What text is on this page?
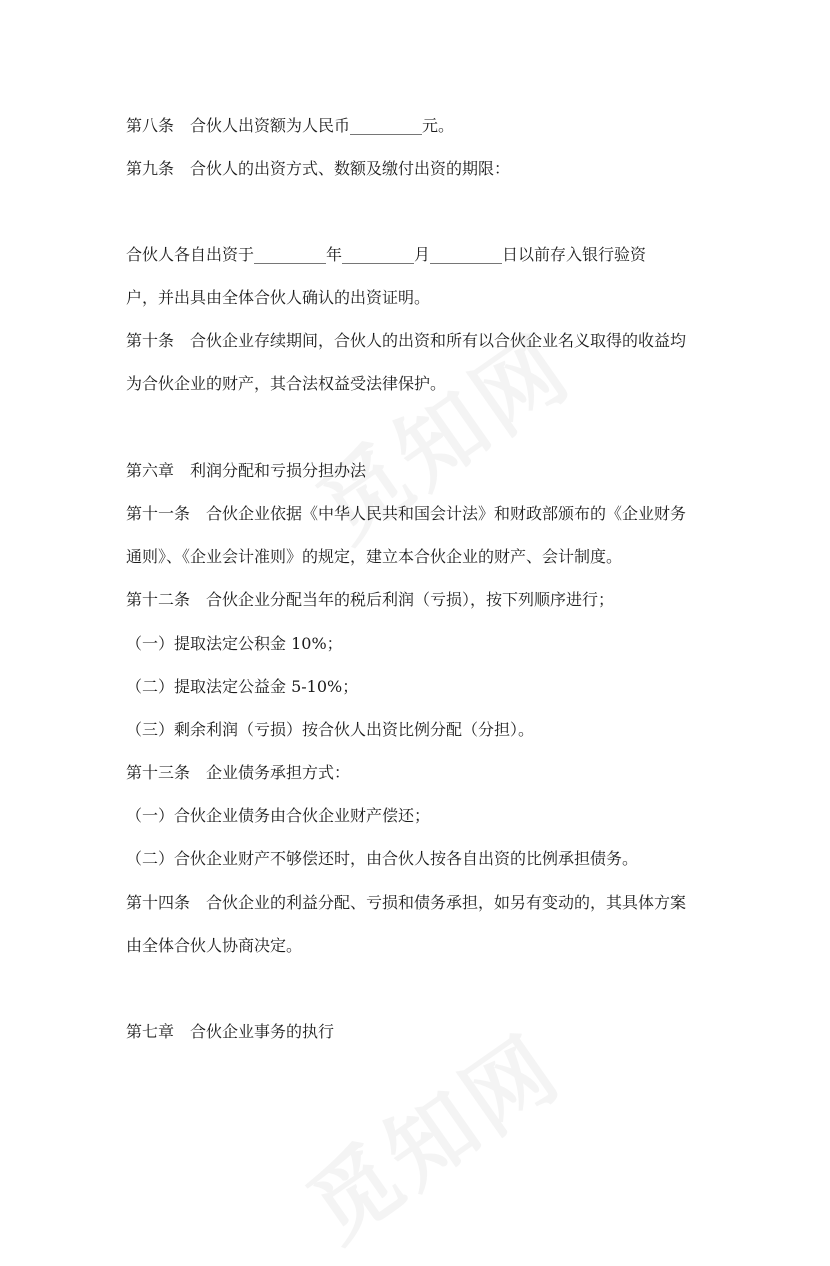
第八条　合伙人出资额为人民币_________元。
第九条　合伙人的出资方式、数额及缴付出资的期限：
合伙人各自出资于_________年_________月_________日以前存入银行验资
户，并出具由全体合伙人确认的出资证明。
第十条　合伙企业存续期间，合伙人的出资和所有以合伙企业名义取得的收益均
为合伙企业的财产，其合法权益受法律保护。
第六章　利润分配和亏损分担办法
第十一条　合伙企业依据《中华人民共和国会计法》和财政部颁布的《企业财务
通则》、《企业会计准则》的规定，建立本合伙企业的财产、会计制度。
第十二条　合伙企业分配当年的税后利润（亏损），按下列顺序进行；
（一）提取法定公积金 10%；
（二）提取法定公益金 5-10%；
（三）剩余利润（亏损）按合伙人出资比例分配（分担）。
第十三条　企业债务承担方式：
（一）合伙企业债务由合伙企业财产偿还；
（二）合伙企业财产不够偿还时，由合伙人按各自出资的比例承担债务。
第十四条　合伙企业的利益分配、亏损和债务承担，如另有变动的，其具体方案
由全体合伙人协商决定。
第七章　合伙企业事务的执行
